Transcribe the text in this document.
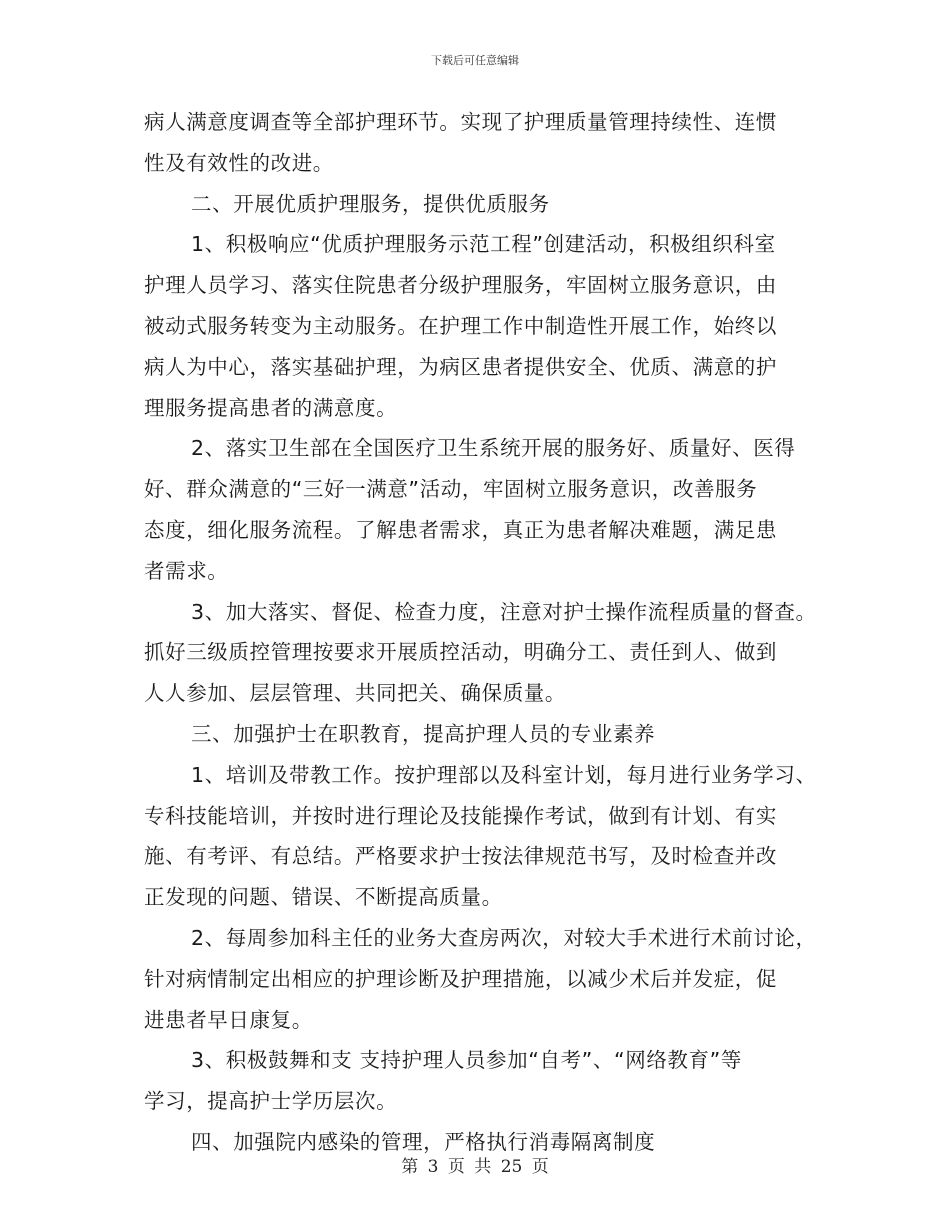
下载后可任意编辑
病人满意度调查等全部护理环节。实现了护理质量管理持续性、连惯
性及有效性的改进。
二、开展优质护理服务，提供优质服务
1、积极响应“优质护理服务示范工程”创建活动，积极组织科室
护理人员学习、落实住院患者分级护理服务，牢固树立服务意识，由
被动式服务转变为主动服务。在护理工作中制造性开展工作，始终以
病人为中心，落实基础护理，为病区患者提供安全、优质、满意的护
理服务提高患者的满意度。
2、落实卫生部在全国医疗卫生系统开展的服务好、质量好、医得
好、群众满意的“三好一满意”活动，牢固树立服务意识，改善服务
态度，细化服务流程。了解患者需求，真正为患者解决难题，满足患
者需求。
3、加大落实、督促、检查力度，注意对护士操作流程质量的督查。
抓好三级质控管理按要求开展质控活动，明确分工、责任到人、做到
人人参加、层层管理、共同把关、确保质量。
三、加强护士在职教育，提高护理人员的专业素养
1、培训及带教工作。按护理部以及科室计划，每月进行业务学习、
专科技能培训，并按时进行理论及技能操作考试，做到有计划、有实
施、有考评、有总结。严格要求护士按法律规范书写，及时检查并改
正发现的问题、错误、不断提高质量。
2、每周参加科主任的业务大查房两次，对较大手术进行术前讨论，
针对病情制定出相应的护理诊断及护理措施，以减少术后并发症，促
进患者早日康复。
3、积极鼓舞和支 支持护理人员参加“自考”、“网络教育”等
学习，提高护士学历层次。
四、加强院内感染的管理，严格执行消毒隔离制度
第 3 页 共 25 页
